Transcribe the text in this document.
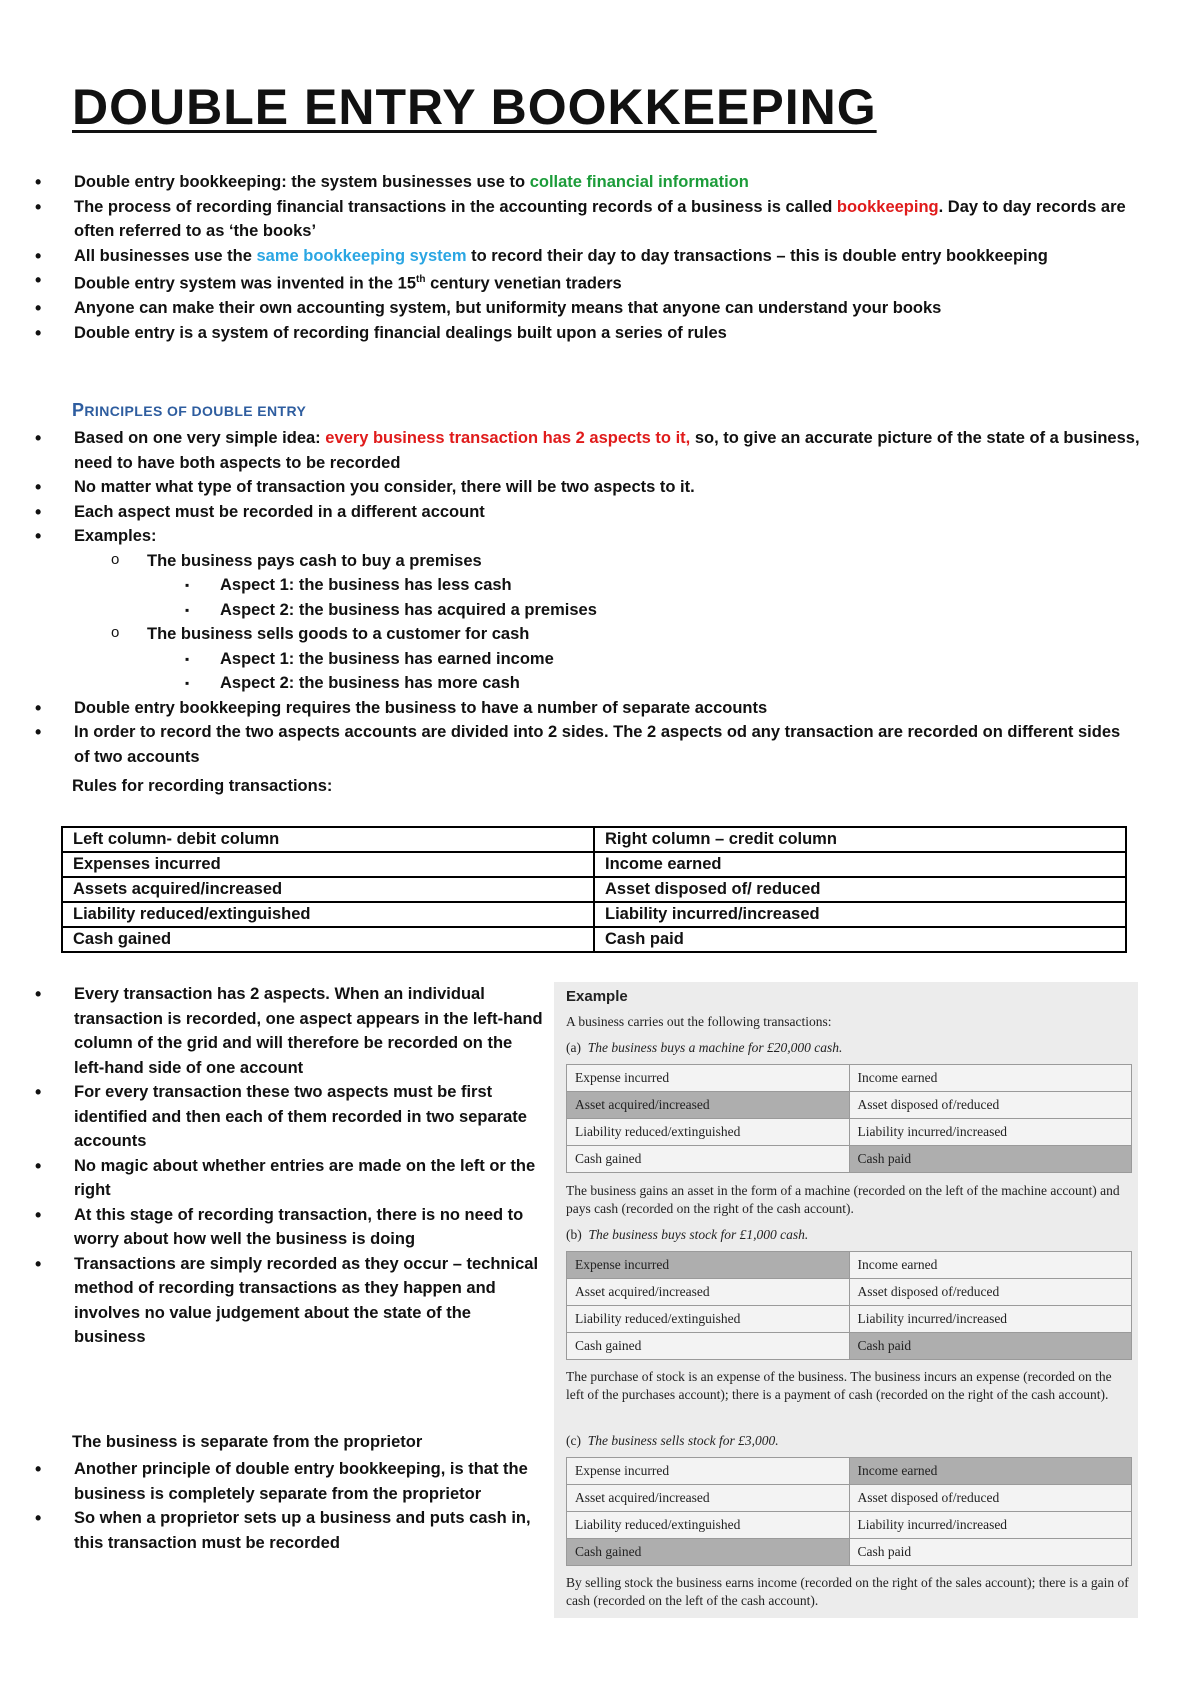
DOUBLE ENTRY BOOKKEEPING
• Double entry bookkeeping: the system businesses use to collate financial information
• The process of recording financial transactions in the accounting records of a business is called bookkeeping. Day to day records are often referred to as ‘the books’
• All businesses use the same bookkeeping system to record their day to day transactions – this is double entry bookkeeping
• Double entry system was invented in the 15th century venetian traders
• Anyone can make their own accounting system, but uniformity means that anyone can understand your books
• Double entry is a system of recording financial dealings built upon a series of rules
PRINCIPLES OF DOUBLE ENTRY
• Based on one very simple idea: every business transaction has 2 aspects to it, so, to give an accurate picture of the state of a business, need to have both aspects to be recorded
• No matter what type of transaction you consider, there will be two aspects to it.
• Each aspect must be recorded in a different account
• Examples:
o The business pays cash to buy a premises
▪ Aspect 1: the business has less cash
▪ Aspect 2: the business has acquired a premises
o The business sells goods to a customer for cash
▪ Aspect 1: the business has earned income
▪ Aspect 2: the business has more cash
• Double entry bookkeeping requires the business to have a number of separate accounts
• In order to record the two aspects accounts are divided into 2 sides. The 2 aspects od any transaction are recorded on different sides of two accounts
Rules for recording transactions:
Left column- debit column	Right column – credit column
Expenses incurred	Income earned
Assets acquired/increased	Asset disposed of/ reduced
Liability reduced/extinguished	Liability incurred/increased
Cash gained	Cash paid
• Every transaction has 2 aspects. When an individual transaction is recorded, one aspect appears in the left-hand column of the grid and will therefore be recorded on the left-hand side of one account
• For every transaction these two aspects must be first identified and then each of them recorded in two separate accounts
• No magic about whether entries are made on the left or the right
• At this stage of recording transaction, there is no need to worry about how well the business is doing
• Transactions are simply recorded as they occur – technical method of recording transactions as they happen and involves no value judgement about the state of the business
The business is separate from the proprietor
• Another principle of double entry bookkeeping, is that the business is completely separate from the proprietor
• So when a proprietor sets up a business and puts cash in, this transaction must be recorded
Example
A business carries out the following transactions:
(a) The business buys a machine for £20,000 cash.
Expense incurred	Income earned
Asset acquired/increased	Asset disposed of/reduced
Liability reduced/extinguished	Liability incurred/increased
Cash gained	Cash paid
The business gains an asset in the form of a machine (recorded on the left of the machine account) and pays cash (recorded on the right of the cash account).
(b) The business buys stock for £1,000 cash.
Expense incurred	Income earned
Asset acquired/increased	Asset disposed of/reduced
Liability reduced/extinguished	Liability incurred/increased
Cash gained	Cash paid
The purchase of stock is an expense of the business. The business incurs an expense (recorded on the left of the purchases account); there is a payment of cash (recorded on the right of the cash account).
(c) The business sells stock for £3,000.
Expense incurred	Income earned
Asset acquired/increased	Asset disposed of/reduced
Liability reduced/extinguished	Liability incurred/increased
Cash gained	Cash paid
By selling stock the business earns income (recorded on the right of the sales account); there is a gain of cash (recorded on the left of the cash account).
